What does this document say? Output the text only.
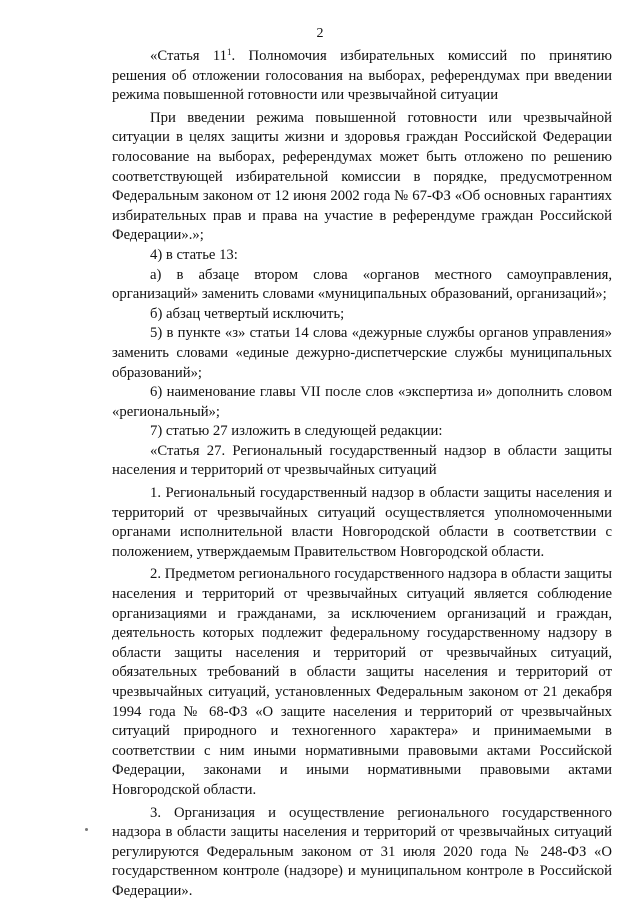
2

«Статья $11^1$. Полномочия избирательных комиссий по принятию решения об отложении голосования на выборах, референдумах при введении режима повышенной готовности или чрезвычайной ситуации

При введении режима повышенной готовности или чрезвычайной ситуации в целях защиты жизни и здоровья граждан Российской Федерации голосование на выборах, референдумах может быть отложено по решению соответствующей избирательной комиссии в порядке, предусмотренном Федеральным законом от 12 июня 2002 года № 67-ФЗ «Об основных гарантиях избирательных прав и права на участие в референдуме граждан Российской Федерации».»;

4) в статье 13:

а) в абзаце втором слова «органов местного самоуправления, организаций» заменить словами «муниципальных образований, организаций»;

б) абзац четвертый исключить;

5) в пункте «з» статьи 14 слова «дежурные службы органов управления» заменить словами «единые дежурно-диспетчерские службы муниципальных образований»;

6) наименование главы VII после слов «экспертиза и» дополнить словом «региональный»;

7) статью 27 изложить в следующей редакции:

«Статья 27. Региональный государственный надзор в области защиты населения и территорий от чрезвычайных ситуаций

1. Региональный государственный надзор в области защиты населения и территорий от чрезвычайных ситуаций осуществляется уполномоченными органами исполнительной власти Новгородской области в соответствии с положением, утверждаемым Правительством Новгородской области.

2. Предметом регионального государственного надзора в области защиты населения и территорий от чрезвычайных ситуаций является соблюдение организациями и гражданами, за исключением организаций и граждан, деятельность которых подлежит федеральному государственному надзору в области защиты населения и территорий от чрезвычайных ситуаций, обязательных требований в области защиты населения и территорий от чрезвычайных ситуаций, установленных Федеральным законом от 21 декабря 1994 года № 68-ФЗ «О защите населения и территорий от чрезвычайных ситуаций природного и техногенного характера» и принимаемыми в соответствии с ним иными нормативными правовыми актами Российской Федерации, законами и иными нормативными правовыми актами Новгородской области.

3. Организация и осуществление регионального государственного надзора в области защиты населения и территорий от чрезвычайных ситуаций регулируются Федеральным законом от 31 июля 2020 года № 248-ФЗ «О государственном контроле (надзоре) и муниципальном контроле в Российской Федерации».
